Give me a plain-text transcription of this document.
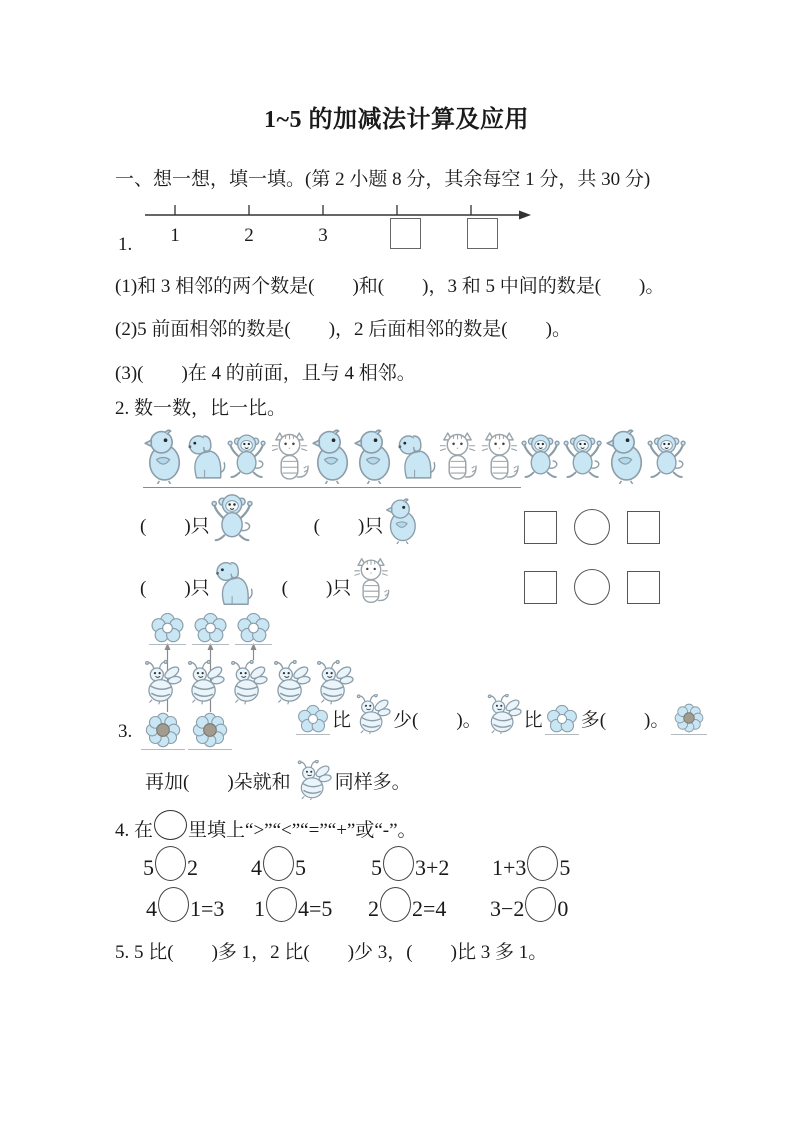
1~5 的加减法计算及应用
一、想一想，填一填。(第 2 小题 8 分，其余每空 1 分，共 30 分)
1	2	3
1.
(1)和 3 相邻的两个数是(　　)和(　　)，3 和 5 中间的数是(　　)。
(2)5 前面相邻的数是(　　)，2 后面相邻的数是(　　)。
(3)(　　)在 4 的前面，且与 4 相邻。
2. 数一数，比一比。
(　　)只	(　　)只
(　　)只	(　　)只
3.
比 少(　　)。 比 多(　　)。
再加(　　)朵就和 同样多。
4. 在 里填上“>”“<”“=”“+”或“-”。
5 2 4 5	5 3+2 1+3 5
4 1=3 1 4=5 2 2=4 3−2 0
5. 5 比(　　)多 1，2 比(　　)少 3，(　　)比 3 多 1。
